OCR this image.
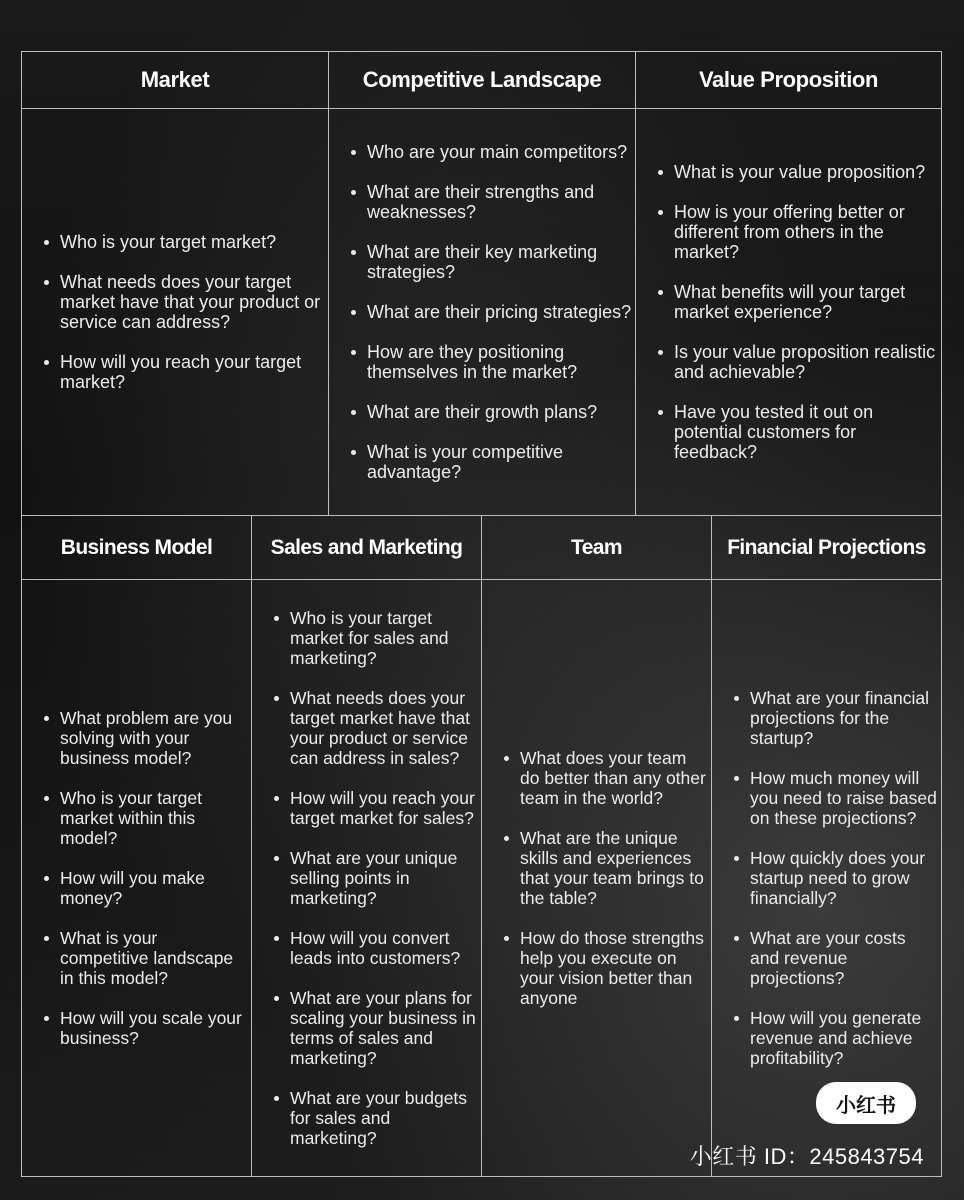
Market
Who is your target market?
What needs does your target market have that your product or service can address?
How will you reach your target market?
Competitive Landscape
Who are your main competitors?
What are their strengths and weaknesses?
What are their key marketing strategies?
What are their pricing strategies?
How are they positioning themselves in the market?
What are their growth plans?
What is your competitive advantage?
Value Proposition
What is your value proposition?
How is your offering better or different from others in the market?
What benefits will your target market experience?
Is your value proposition realistic and achievable?
Have you tested it out on potential customers for feedback?
Business Model
What problem are you solving with your business model?
Who is your target market within this model?
How will you make money?
What is your competitive landscape in this model?
How will you scale your business?
Sales and Marketing
Who is your target market for sales and marketing?
What needs does your target market have that your product or service can address in sales?
How will you reach your target market for sales?
What are your unique selling points in marketing?
How will you convert leads into customers?
What are your plans for scaling your business in terms of sales and marketing?
What are your budgets for sales and marketing?
Team
What does your team do better than any other team in the world?
What are the unique skills and experiences that your team brings to the table?
How do those strengths help you execute on your vision better than anyone
Financial Projections
What are your financial projections for the startup?
How much money will you need to raise based on these projections?
How quickly does your startup need to grow financially?
What are your costs and revenue projections?
How will you generate revenue and achieve profitability?
小红书
小红书 ID：245843754
